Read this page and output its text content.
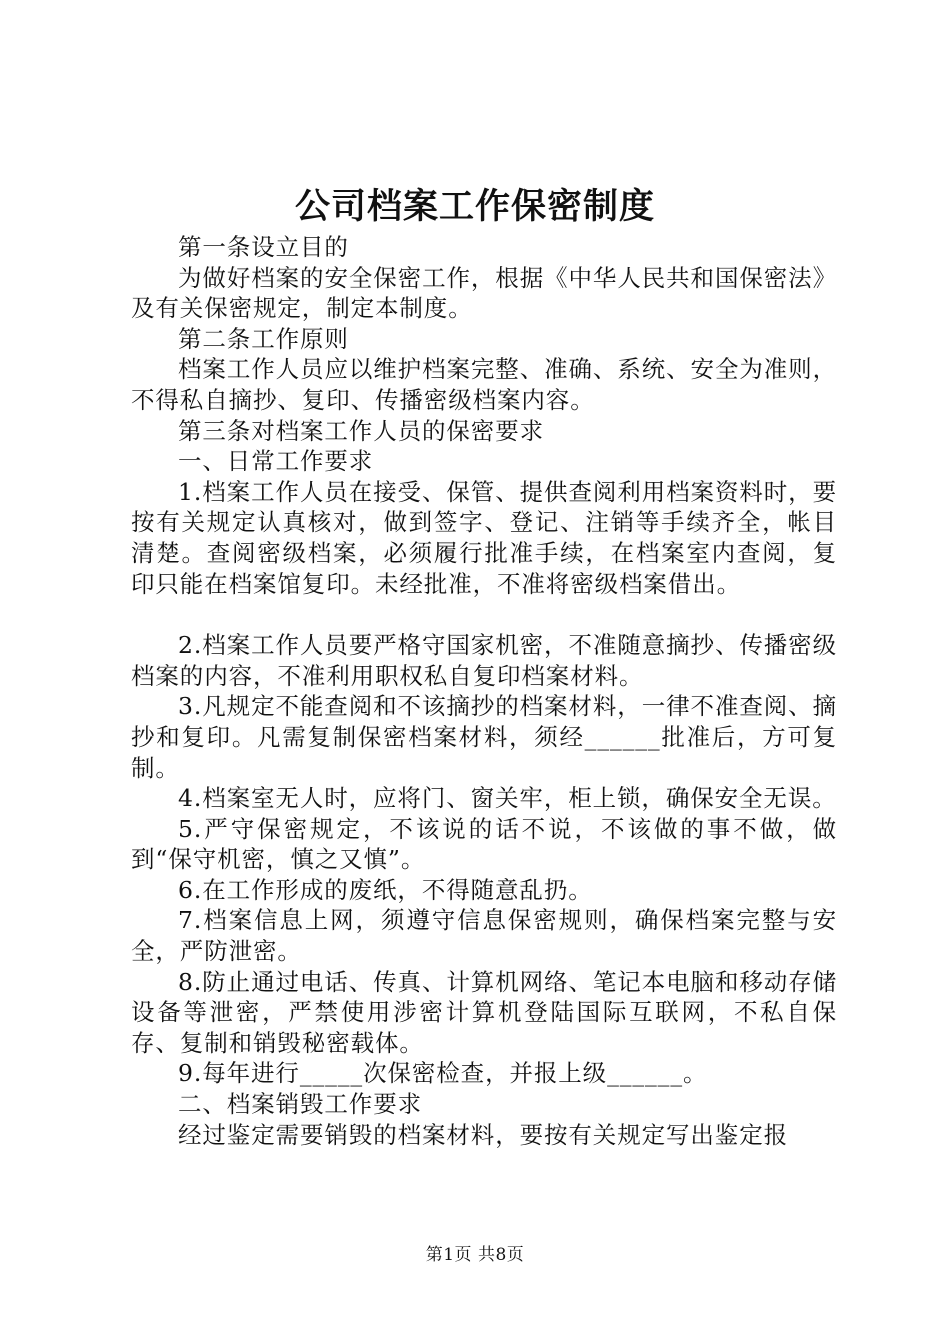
公司档案工作保密制度

第一条设立目的

为做好档案的安全保密工作，根据《中华人民共和国保密法》及有关保密规定，制定本制度。

第二条工作原则

档案工作人员应以维护档案完整、准确、系统、安全为准则，不得私自摘抄、复印、传播密级档案内容。

第三条对档案工作人员的保密要求

一、日常工作要求

1.档案工作人员在接受、保管、提供查阅利用档案资料时，要按有关规定认真核对，做到签字、登记、注销等手续齐全，帐目清楚。查阅密级档案，必须履行批准手续，在档案室内查阅，复印只能在档案馆复印。未经批准，不准将密级档案借出。

2.档案工作人员要严格守国家机密，不准随意摘抄、传播密级档案的内容，不准利用职权私自复印档案材料。

3.凡规定不能查阅和不该摘抄的档案材料，一律不准查阅、摘抄和复印。凡需复制保密档案材料，须经______批准后，方可复制。

4.档案室无人时，应将门、窗关牢，柜上锁，确保安全无误。

5.严守保密规定，不该说的话不说，不该做的事不做，做到“保守机密，慎之又慎”。

6.在工作形成的废纸，不得随意乱扔。

7.档案信息上网，须遵守信息保密规则，确保档案完整与安全，严防泄密。

8.防止通过电话、传真、计算机网络、笔记本电脑和移动存储设备等泄密，严禁使用涉密计算机登陆国际互联网，不私自保存、复制和销毁秘密载体。

9.每年进行_____次保密检查，并报上级______。

二、档案销毁工作要求

经过鉴定需要销毁的档案材料，要按有关规定写出鉴定报

第1页 共8页
